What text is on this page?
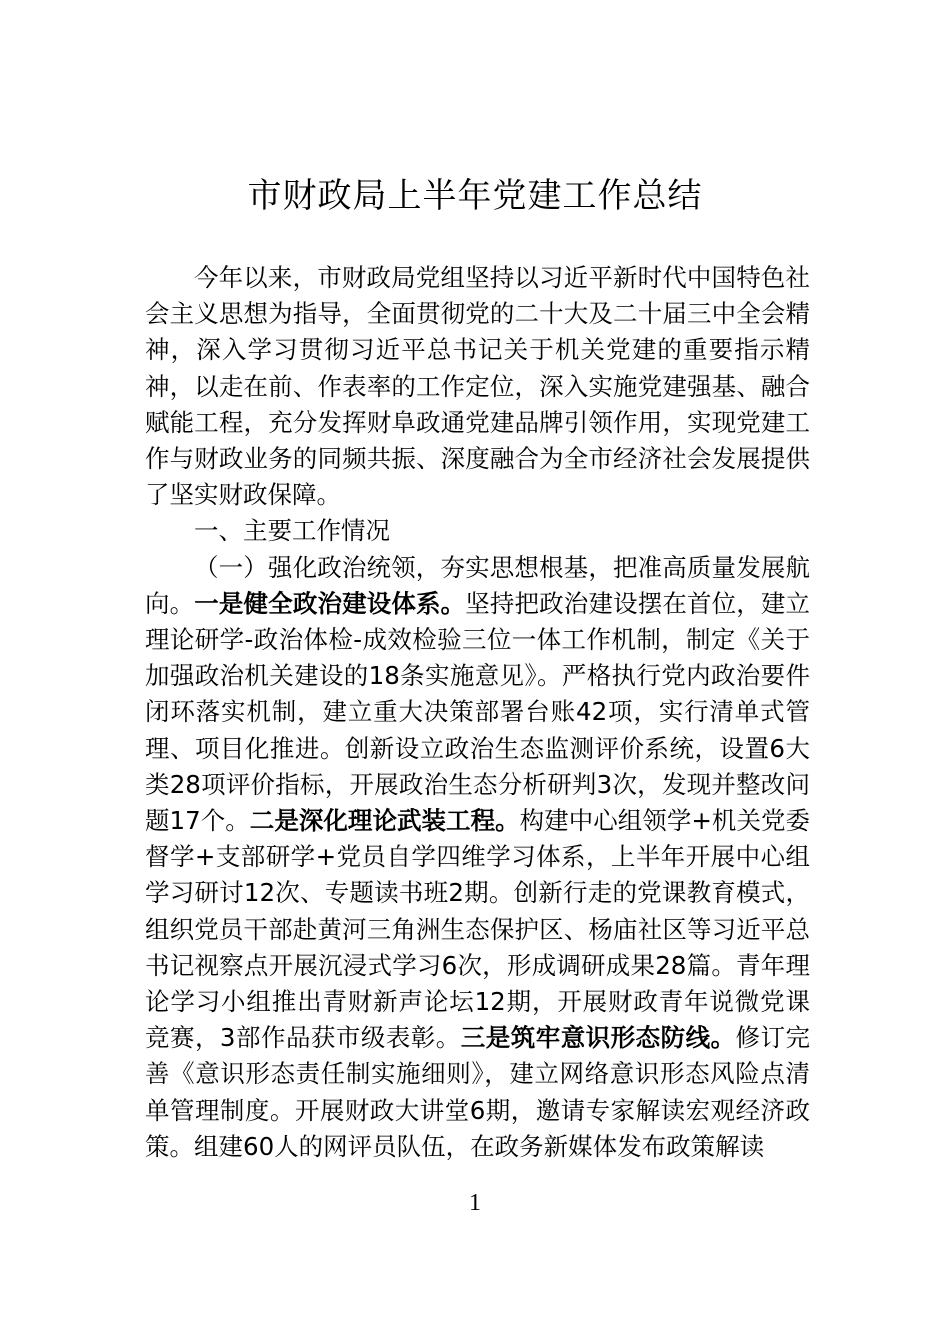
市财政局上半年党建工作总结

今年以来，市财政局党组坚持以习近平新时代中国特色社会主义思想为指导，全面贯彻党的二十大及二十届三中全会精神，深入学习贯彻习近平总书记关于机关党建的重要指示精神，以走在前、作表率的工作定位，深入实施党建强基、融合赋能工程，充分发挥财阜政通党建品牌引领作用，实现党建工作与财政业务的同频共振、深度融合为全市经济社会发展提供了坚实财政保障。

一、主要工作情况

（一）强化政治统领，夯实思想根基，把准高质量发展航向。一是健全政治建设体系。坚持把政治建设摆在首位，建立理论研学-政治体检-成效检验三位一体工作机制，制定《关于加强政治机关建设的18条实施意见》。严格执行党内政治要件闭环落实机制，建立重大决策部署台账42项，实行清单式管理、项目化推进。创新设立政治生态监测评价系统，设置6大类28项评价指标，开展政治生态分析研判3次，发现并整改问题17个。二是深化理论武装工程。构建中心组领学+机关党委督学+支部研学+党员自学四维学习体系，上半年开展中心组学习研讨12次、专题读书班2期。创新行走的党课教育模式，组织党员干部赴黄河三角洲生态保护区、杨庙社区等习近平总书记视察点开展沉浸式学习6次，形成调研成果28篇。青年理论学习小组推出青财新声论坛12期，开展财政青年说微党课竞赛，3部作品获市级表彰。三是筑牢意识形态防线。修订完善《意识形态责任制实施细则》，建立网络意识形态风险点清单管理制度。开展财政大讲堂6期，邀请专家解读宏观经济政策。组建60人的网评员队伍，在政务新媒体发布政策解读

1
